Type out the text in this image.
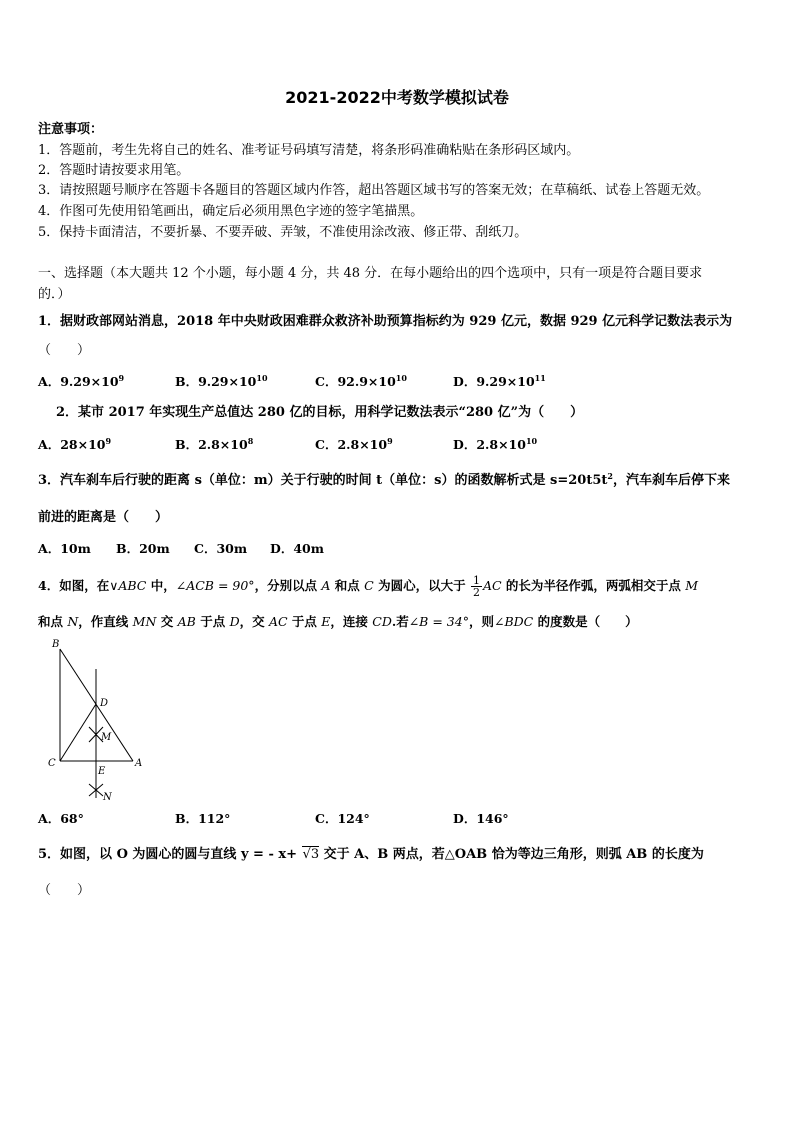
2021-2022中考数学模拟试卷
注意事项：
1．答题前，考生先将自己的姓名、准考证号码填写清楚，将条形码准确粘贴在条形码区域内。
2．答题时请按要求用笔。
3．请按照题号顺序在答题卡各题目的答题区域内作答，超出答题区域书写的答案无效；在草稿纸、试卷上答题无效。
4．作图可先使用铅笔画出，确定后必须用黑色字迹的签字笔描黑。
5．保持卡面清洁，不要折暴、不要弄破、弄皱，不准使用涂改液、修正带、刮纸刀。
一、选择题（本大题共 12 个小题，每小题 4 分，共 48 分．在每小题给出的四个选项中，只有一项是符合题目要求
的．）
1．据财政部网站消息，2018 年中央财政困难群众救济补助预算指标约为 929 亿元，数据 929 亿元科学记数法表示为
（　　）
A．$9.29\times 10^9$	B．$9.29\times 10^{10}$	C．$92.9\times 10^{10}$	D．$9.29\times 10^{11}$
2．某市 2017 年实现生产总值达 280 亿的目标，用科学记数法表示“280 亿”为（　　）
A．$28\times 10^9$	B．$2.8\times 10^8$	C．$2.8\times 10^9$	D．$2.8\times 10^{10}$
3．汽车刹车后行驶的距离 s（单位：m）关于行驶的时间 t（单位：s）的函数解析式是 $s=20t5t^2$，汽车刹车后停下来
前进的距离是（　　）
A．10m B．20m C．30m D．40m
4．如图，在∨ABC 中，∠ACB = 90°，分别以点 A 和点 C 为圆心，以大于 $\frac{1}{2}$ AC 的长为半径作弧，两弧相交于点 M
和点 N，作直线 MN 交 AB 于点 D，交 AC 于点 E，连接 CD.若∠B = 34°，则∠BDC 的度数是（　　）
B
D
M
C
E
A
N
A．68°	B．112°	C．124°	D．146°
5．如图，以 O 为圆心的圆与直线 y = - x+ √3 交于 A、B 两点，若△OAB 恰为等边三角形，则弧 AB 的长度为
（　　）
